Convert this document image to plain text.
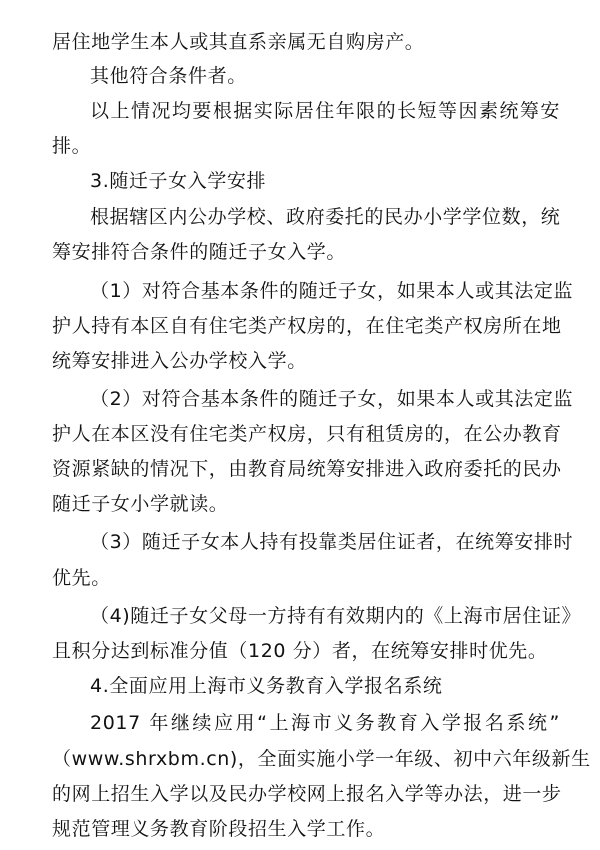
居住地学生本人或其直系亲属无自购房产。
其他符合条件者。
以上情况均要根据实际居住年限的长短等因素统筹安
排。
3.随迁子女入学安排
根据辖区内公办学校、政府委托的民办小学学位数，统
筹安排符合条件的随迁子女入学。
（1）对符合基本条件的随迁子女，如果本人或其法定监
护人持有本区自有住宅类产权房的，在住宅类产权房所在地
统筹安排进入公办学校入学。
（2）对符合基本条件的随迁子女，如果本人或其法定监
护人在本区没有住宅类产权房，只有租赁房的，在公办教育
资源紧缺的情况下，由教育局统筹安排进入政府委托的民办
随迁子女小学就读。
（3）随迁子女本人持有投靠类居住证者，在统筹安排时
优先。
（4)随迁子女父母一方持有有效期内的《上海市居住证》
且积分达到标准分值（120 分）者，在统筹安排时优先。
4.全面应用上海市义务教育入学报名系统
2017 年继续应用“上海市义务教育入学报名系统”
（www.shrxbm.cn)，全面实施小学一年级、初中六年级新生
的网上招生入学以及民办学校网上报名入学等办法，进一步
规范管理义务教育阶段招生入学工作。
